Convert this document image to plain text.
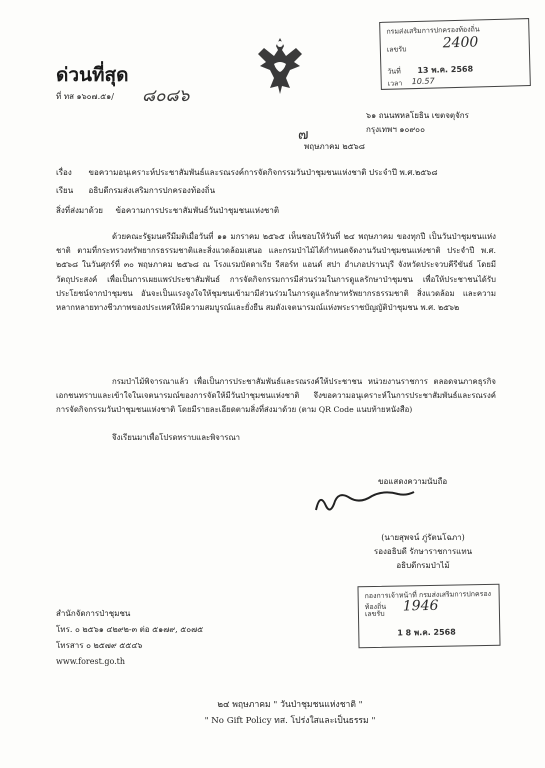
ด่วนที่สุด
ที่ ทส ๑๖๐๗.๕๑/ ๘๐๘๖
กรมส่งเสริมการปกครองท้องถิ่น
เลขรับ	2400
วันที่ 13 พ.ค. 2568
เวลา 10.57
๖๑ ถนนพหลโยธิน เขตจตุจักร
กรุงเทพฯ ๑๐๙๐๐
๗
พฤษภาคม ๒๕๖๘
เรื่อง ขอความอนุเคราะห์ประชาสัมพันธ์และรณรงค์การจัดกิจกรรมวันป่าชุมชนแห่งชาติ ประจำปี พ.ศ.๒๕๖๘
เรียน อธิบดีกรมส่งเสริมการปกครองท้องถิ่น
สิ่งที่ส่งมาด้วย ข้อความการประชาสัมพันธ์วันป่าชุมชนแห่งชาติ
ด้วยคณะรัฐมนตรีมีมติเมื่อวันที่ ๑๑ มกราคม ๒๕๖๕ เห็นชอบให้วันที่ ๒๔ พฤษภาคม ของทุกปี เป็นวันป่าชุมชนแห่งชาติ ตามที่กระทรวงทรัพยากรธรรมชาติและสิ่งแวดล้อมเสนอ และกรมป่าไม้ได้กำหนดจัดงานวันป่าชุมชนแห่งชาติ ประจำปี พ.ศ. ๒๕๖๘ ในวันศุกร์ที่ ๓๐ พฤษภาคม ๒๕๖๘ ณ โรงแรมบัดดาเรีย รีสอร์ท แอนด์ สปา อำเภอปรานบุรี จังหวัดประจวบคีรีขันธ์ โดยมีวัตถุประสงค์ เพื่อเป็นการเผยแพร่ประชาสัมพันธ์ การจัดกิจกรรมการมีส่วนร่วมในการดูแลรักษาป่าชุมชน เพื่อให้ประชาชนได้รับประโยชน์จากป่าชุมชน อันจะเป็นแรงจูงใจให้ชุมชนเข้ามามีส่วนร่วมในการดูแลรักษาทรัพยากรธรรมชาติ สิ่งแวดล้อม และความหลากหลายทางชีวภาพของประเทศให้มีความสมบูรณ์และยั่งยืน สมดังเจตนารมณ์แห่งพระราชบัญญัติป่าชุมชน พ.ศ. ๒๕๖๒
กรมป่าไม้พิจารณาแล้ว เพื่อเป็นการประชาสัมพันธ์และรณรงค์ให้ประชาชน หน่วยงานราชการ ตลอดจนภาคธุรกิจเอกชนทราบและเข้าใจในเจตนารมณ์ของการจัดให้มีวันป่าชุมชนแห่งชาติ จึงขอความอนุเคราะห์ในการประชาสัมพันธ์และรณรงค์การจัดกิจกรรมวันป่าชุมชนแห่งชาติ โดยมีรายละเอียดตามสิ่งที่ส่งมาด้วย (ตาม QR Code แนบท้ายหนังสือ)
จึงเรียนมาเพื่อโปรดทราบและพิจารณา
ขอแสดงความนับถือ
(นายสุพจน์ ภู่รัตนโฉภา)
รองอธิบดี รักษาราชการแทน
อธิบดีกรมป่าไม้
สำนักจัดการป่าชุมชน
โทร. ๐ ๒๕๖๑ ๔๒๙๒-๓ ต่อ ๕๑๗๙, ๕๐๗๕
โทรสาร ๐ ๒๕๗๙ ๕๕๔๖
www.forest.go.th
กองการเจ้าหน้าที่ กรมส่งเสริมการปกครองท้องถิ่น
เลขรับ 1946
1 8 พ.ค. 2568
๒๔ พฤษภาคม " วันป่าชุมชนแห่งชาติ "
" No Gift Policy ทส. โปร่งใสและเป็นธรรม "
